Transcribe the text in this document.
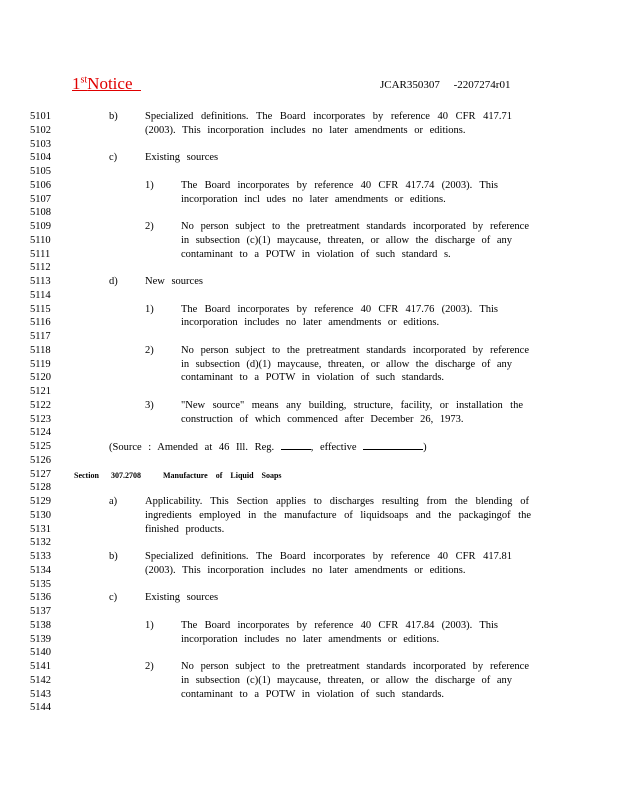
1stNotice	JCAR350307     -2207274r01
5101
5102
5103
5104
5105
5106
5107
5108
5109
5110
5111
5112
5113
5114
5115
5116
5117
5118
5119
5120
5121
5122
5123
5124
5125
5126
5127
5128
5129
5130
5131
5132
5133
5134
5135
5136
5137
5138
5139
5140
5141
5142
5143
5144
b)	Specialized definitions. The Board incorporates by reference 40 CFR 417.71
(2003). This incorporation includes no later amendments or editions.
c)	Existing sources
1)	The Board incorporates by reference 40 CFR 417.74 (2003). This
incorporation incl udes no later amendments or editions.
2)	No person subject to the pretreatment standards incorporated by reference
in subsection (c)(1) maycause, threaten, or allow the discharge of any
contaminant to a POTW in violation of such standard s.
d)	New sources
1)	The Board incorporates by reference 40 CFR 417.76 (2003). This
incorporation includes no later amendments or editions.
2)	No person subject to the pretreatment standards incorporated by reference
in subsection (d)(1) maycause, threaten, or allow the discharge of any
contaminant to a POTW in violation of such standards.
3)	"New source" means any building, structure, facility, or installation the
construction of which commenced after December 26, 1973.
(Source : Amended at 46 Ill. Reg.	, effective	)
Section 307.2708	Manufacture of Liquid Soaps
a)	Applicability. This Section applies to discharges resulting from the blending of
ingredients employed in the manufacture of liquidsoaps and the packagingof the
finished products.
b)	Specialized definitions. The Board incorporates by reference 40 CFR 417.81
(2003). This incorporation includes no later amendments or editions.
c)	Existing sources
1)	The Board incorporates by reference 40 CFR 417.84 (2003). This
incorporation includes no later amendments or editions.
2)	No person subject to the pretreatment standards incorporated by reference
in subsection (c)(1) maycause, threaten, or allow the discharge of any
contaminant to a POTW in violation of such standards.
